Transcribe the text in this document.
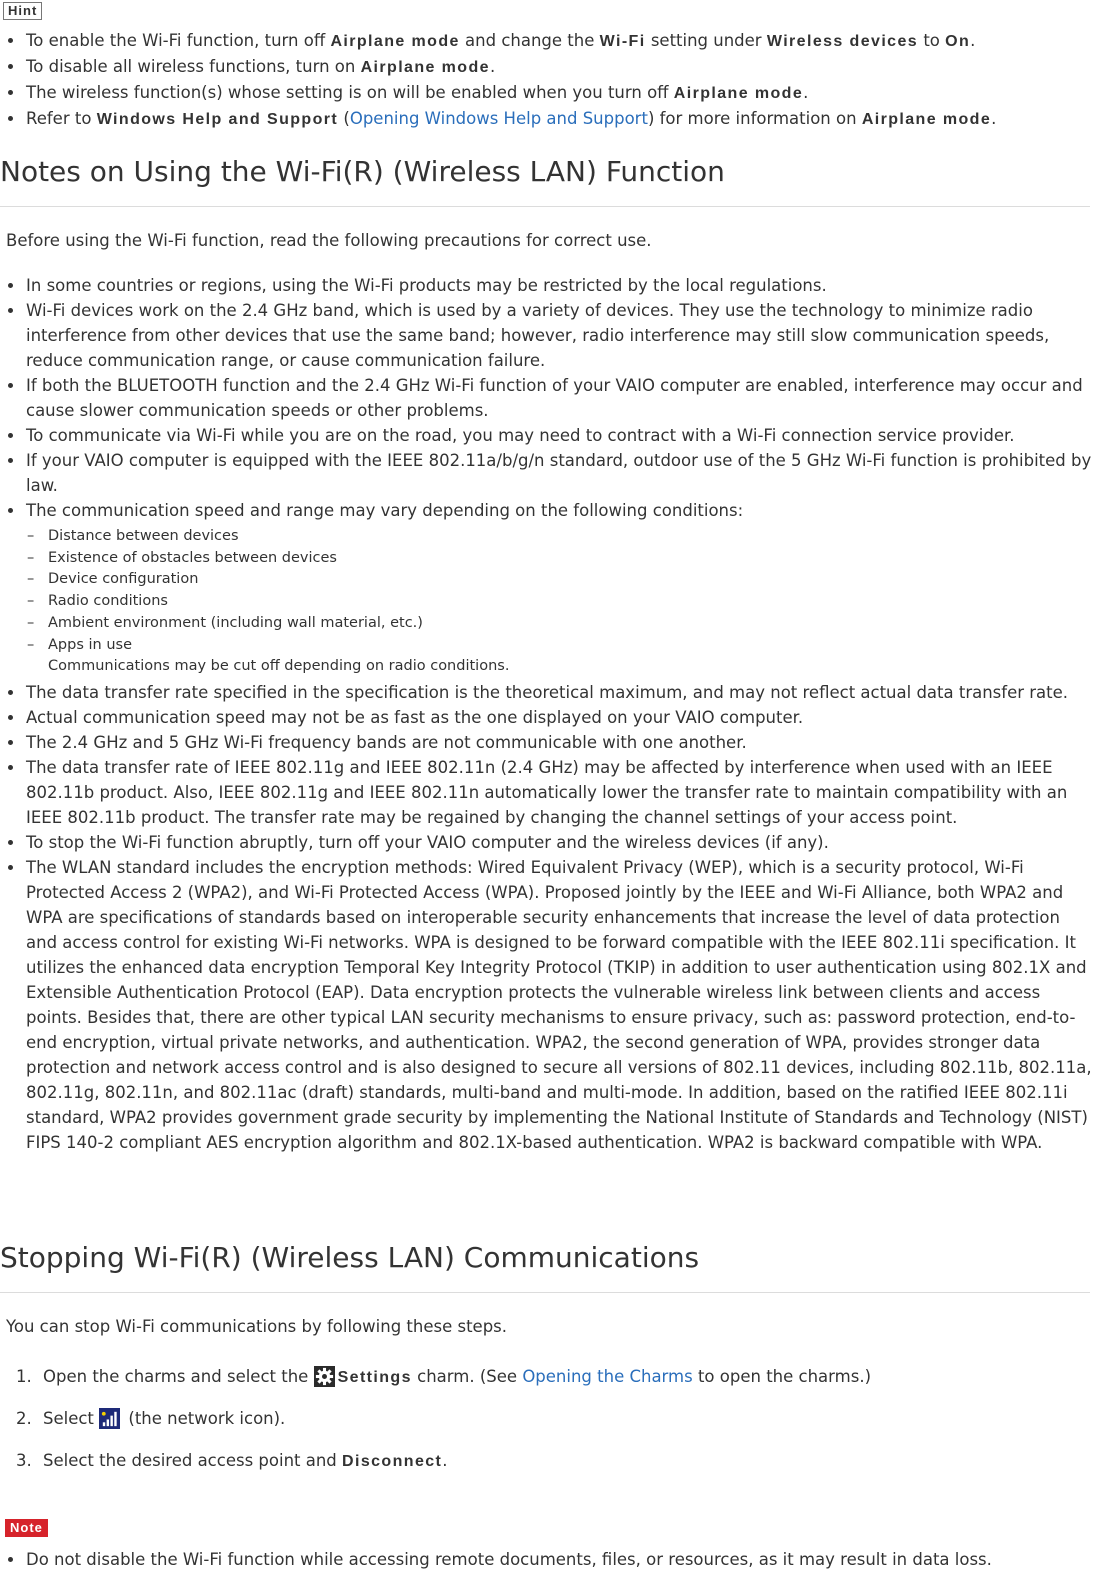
Hint
To enable the Wi-Fi function, turn off Airplane mode and change the Wi-Fi setting under Wireless devices to On.
To disable all wireless functions, turn on Airplane mode.
The wireless function(s) whose setting is on will be enabled when you turn off Airplane mode.
Refer to Windows Help and Support (Opening Windows Help and Support) for more information on Airplane mode.
Notes on Using the Wi-Fi(R) (Wireless LAN) Function

Before using the Wi-Fi function, read the following precautions for correct use.

In some countries or regions, using the Wi-Fi products may be restricted by the local regulations.
Wi-Fi devices work on the 2.4 GHz band, which is used by a variety of devices. They use the technology to minimize radio interference from other devices that use the same band; however, radio interference may still slow communication speeds, reduce communication range, or cause communication failure.
If both the BLUETOOTH function and the 2.4 GHz Wi-Fi function of your VAIO computer are enabled, interference may occur and cause slower communication speeds or other problems.
To communicate via Wi-Fi while you are on the road, you may need to contract with a Wi-Fi connection service provider.
If your VAIO computer is equipped with the IEEE 802.11a/b/g/n standard, outdoor use of the 5 GHz Wi-Fi function is prohibited by law.
The communication speed and range may vary depending on the following conditions:
– Distance between devices
– Existence of obstacles between devices
– Device configuration
– Radio conditions
– Ambient environment (including wall material, etc.)
– Apps in use
Communications may be cut off depending on radio conditions.
The data transfer rate specified in the specification is the theoretical maximum, and may not reflect actual data transfer rate.
Actual communication speed may not be as fast as the one displayed on your VAIO computer.
The 2.4 GHz and 5 GHz Wi-Fi frequency bands are not communicable with one another.
The data transfer rate of IEEE 802.11g and IEEE 802.11n (2.4 GHz) may be affected by interference when used with an IEEE 802.11b product. Also, IEEE 802.11g and IEEE 802.11n automatically lower the transfer rate to maintain compatibility with an IEEE 802.11b product. The transfer rate may be regained by changing the channel settings of your access point.
To stop the Wi-Fi function abruptly, turn off your VAIO computer and the wireless devices (if any).
The WLAN standard includes the encryption methods: Wired Equivalent Privacy (WEP), which is a security protocol, Wi-Fi Protected Access 2 (WPA2), and Wi-Fi Protected Access (WPA). Proposed jointly by the IEEE and Wi-Fi Alliance, both WPA2 and WPA are specifications of standards based on interoperable security enhancements that increase the level of data protection and access control for existing Wi-Fi networks. WPA is designed to be forward compatible with the IEEE 802.11i specification. It utilizes the enhanced data encryption Temporal Key Integrity Protocol (TKIP) in addition to user authentication using 802.1X and Extensible Authentication Protocol (EAP). Data encryption protects the vulnerable wireless link between clients and access points. Besides that, there are other typical LAN security mechanisms to ensure privacy, such as: password protection, end-to-end encryption, virtual private networks, and authentication. WPA2, the second generation of WPA, provides stronger data protection and network access control and is also designed to secure all versions of 802.11 devices, including 802.11b, 802.11a, 802.11g, 802.11n, and 802.11ac (draft) standards, multi-band and multi-mode. In addition, based on the ratified IEEE 802.11i standard, WPA2 provides government grade security by implementing the National Institute of Standards and Technology (NIST) FIPS 140-2 compliant AES encryption algorithm and 802.1X-based authentication. WPA2 is backward compatible with WPA.
Stopping Wi-Fi(R) (Wireless LAN) Communications

You can stop Wi-Fi communications by following these steps.

1. Open the charms and select the Settings charm. (See Opening the Charms to open the charms.)
2. Select  (the network icon).
3. Select the desired access point and Disconnect.
Note
Do not disable the Wi-Fi function while accessing remote documents, files, or resources, as it may result in data loss.
